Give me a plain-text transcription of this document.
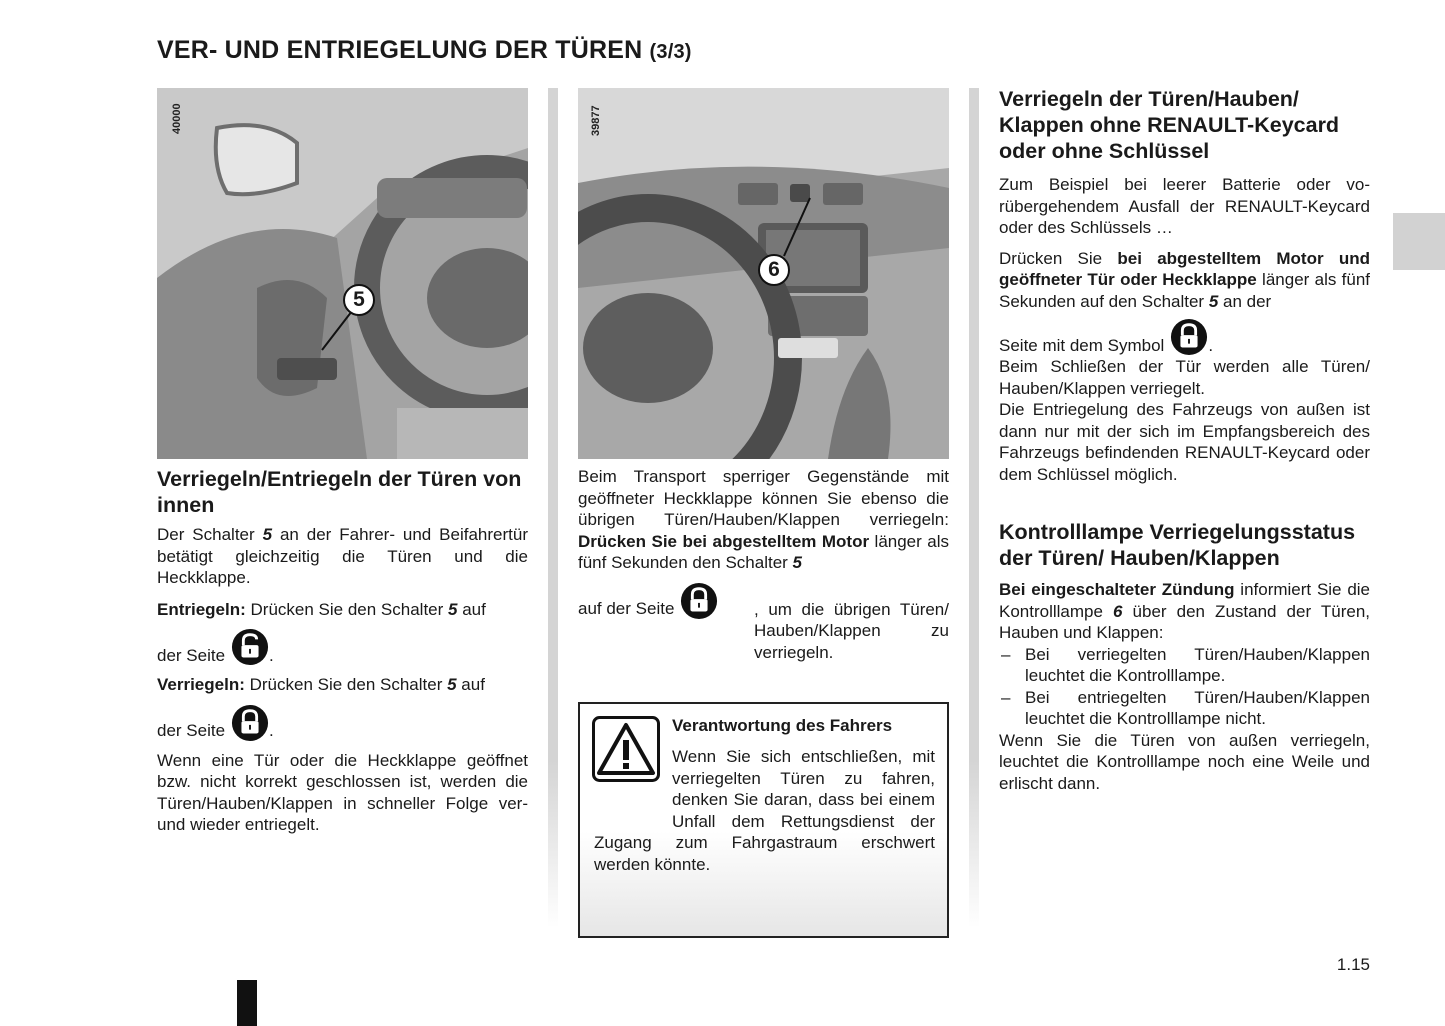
VER- UND ENTRIEGELUNG DER TÜREN (3/3)
40000
5
39877
6
Verriegeln/Entriegeln der Türen von innen

Der Schalter 5 an der Fahrer- und Beifahrertür betätigt gleichzeitig die Türen und die Heckklappe.

Entriegeln: Drücken Sie den Schalter 5 auf

der Seite	.

Verriegeln: Drücken Sie den Schalter 5 auf

der Seite	.

Wenn eine Tür oder die Heckklappe geöffnet bzw. nicht korrekt geschlossen ist, werden die Türen/Hauben/Klappen in schneller Folge ver- und wieder entriegelt.

Beim Transport sperriger Gegenstände mit geöffneter Heckklappe können Sie ebenso die übrigen Türen/Hauben/Klappen verriegeln: Drücken Sie bei abgestelltem Motor länger als fünf Sekunden den Schalter 5

auf der Seite	, um die übrigen Türen/ Hauben/Klappen zu verriegeln.

Verantwortung des Fahrers

Wenn Sie sich entschließen, mit verriegelten Türen zu fahren, denken Sie daran, dass bei einem Unfall dem Rettungsdienst der Zugang zum Fahrgastraum erschwert werden könnte.

Verriegeln der Türen/Hauben/ Klappen ohne RENAULT-Keycard oder ohne Schlüssel

Zum Beispiel bei leerer Batterie oder vorübergehendem Ausfall der RENAULT-Keycard oder des Schlüssels …

Drücken Sie bei abgestelltem Motor und geöffneter Tür oder Heckklappe länger als fünf Sekunden auf den Schalter 5 an der

Seite mit dem Symbol	.

Beim Schließen der Tür werden alle Türen/ Hauben/Klappen verriegelt.

Die Entriegelung des Fahrzeugs von außen ist dann nur mit der sich im Empfangsbereich des Fahrzeugs befindenden RENAULT-Keycard oder dem Schlüssel möglich.

Kontrolllampe Verriegelungsstatus der Türen/ Hauben/Klappen

Bei eingeschalteter Zündung informiert Sie die Kontrolllampe 6 über den Zustand der Türen, Hauben und Klappen:

– Bei verriegelten Türen/Hauben/Klappen leuchtet die Kontrolllampe.
– Bei entriegelten Türen/Hauben/Klappen leuchtet die Kontrolllampe nicht.

Wenn Sie die Türen von außen verriegeln, leuchtet die Kontrolllampe noch eine Weile und erlischt dann.

1.15
